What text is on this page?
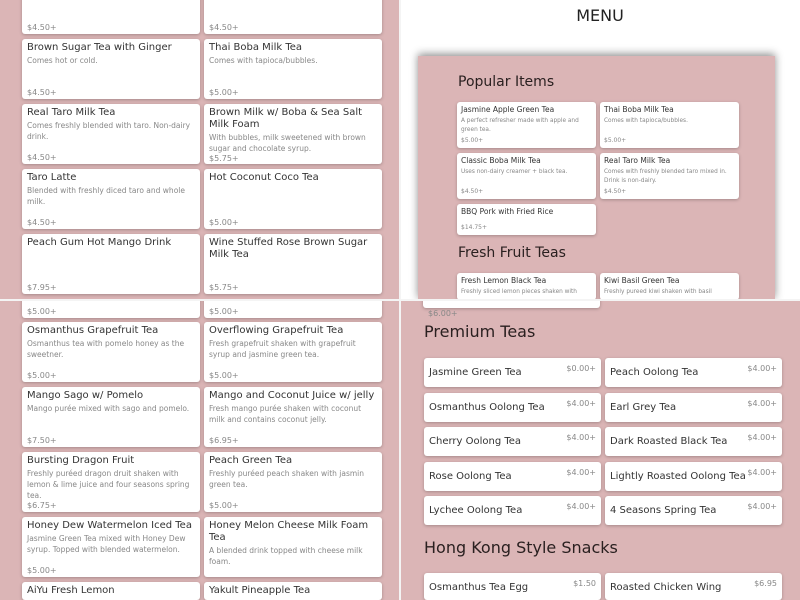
$4.50+	$4.50+
Brown Sugar Tea with Ginger
Comes hot or cold.
$4.50+
Thai Boba Milk Tea
Comes with tapioca/bubbles.
$5.00+
Real Taro Milk Tea
Comes freshly blended with taro. Non-dairy drink.
$4.50+
Brown Milk w/ Boba & Sea Salt Milk Foam
With bubbles, milk sweetened with brown sugar and chocolate syrup.
$5.75+
Taro Latte
Blended with freshly diced taro and whole milk.
$4.50+
Hot Coconut Coco Tea
$5.00+
Peach Gum Hot Mango Drink
$7.95+
Wine Stuffed Rose Brown Sugar Milk Tea
$5.75+
MENU
Popular Items
Jasmine Apple Green Tea
A perfect refresher made with apple and green tea.
$5.00+
Thai Boba Milk Tea
Comes with tapioca/bubbles.
$5.00+
Classic Boba Milk Tea
Uses non-dairy creamer + black tea.
$4.50+
Real Taro Milk Tea
Comes with freshly blended taro mixed in. Drink is non-dairy.
$4.50+
BBQ Pork with Fried Rice
$14.75+
Fresh Fruit Teas
Fresh Lemon Black Tea
Freshly sliced lemon pieces shaken with
Kiwi Basil Green Tea
Freshly pureed kiwi shaken with basil
$5.00+	$5.00+
Osmanthus Grapefruit Tea
Osmanthus tea with pomelo honey as the sweetner.
$5.00+
Overflowing Grapefruit Tea
Fresh grapefruit shaken with grapefruit syrup and jasmine green tea.
$5.00+
Mango Sago w/ Pomelo
Mango purée mixed with sago and pomelo.
$7.50+
Mango and Coconut Juice w/ jelly
Fresh mango purée shaken with coconut milk and contains coconut jelly.
$6.95+
Bursting Dragon Fruit
Freshly puréed dragon druit shaken with lemon & lime juice and four seasons spring tea.
$6.75+
Peach Green Tea
Freshly puréed peach shaken with jasmin green tea.
$5.00+
Honey Dew Watermelon Iced Tea
Jasmine Green Tea mixed with Honey Dew syrup. Topped with blended watermelon.
$5.00+
Honey Melon Cheese Milk Foam Tea
A blended drink topped with cheese milk foam.
AiYu Fresh Lemon	Yakult Pineapple Tea
$6.00+
Premium Teas
Jasmine Green Tea	$0.00+ Peach Oolong Tea	$4.00+
Osmanthus Oolong Tea	$4.00+ Earl Grey Tea	$4.00+
Cherry Oolong Tea	$4.00+ Dark Roasted Black Tea	$4.00+
Rose Oolong Tea	$4.00+ Lightly Roasted Oolong Tea $4.00+
Lychee Oolong Tea	$4.00+ 4 Seasons Spring Tea	$4.00+
Hong Kong Style Snacks
Osmanthus Tea Egg	$1.50 Roasted Chicken Wing	$6.95
